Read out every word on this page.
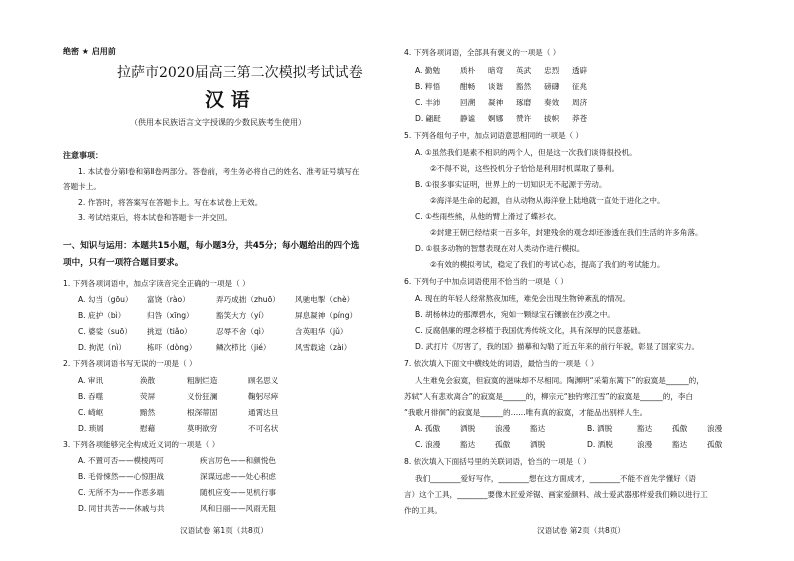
绝密 ★ 启用前
拉萨市2020届高三第二次模拟考试试卷
汉 语
（供用本民族语言文字授课的少数民族考生使用）
注意事项：
1. 本试卷分第Ⅰ卷和第Ⅱ卷两部分。答卷前，考生务必将自己的姓名、准考证号填写在
答题卡上。
2. 作答时，将答案写在答题卡上。写在本试卷上无效。
3. 考试结束后，将本试卷和答题卡一并交回。
一、知识与运用：本题共15小题，每小题3分，共45分；每小题给出的四个选
项中，只有一项符合题目要求。
1. 下列各项词语中，加点字读音完全正确的一项是（ ）
A. 勾当（gōu） 富饶（rào）	弄巧成拙（zhuō） 风驰电掣（chè）
B. 庇护（bì）	归咎（xīng）	豁笑大方（yí）	屏息凝神（píng）
C. 婆娑（suō） 挑逗（tiǎo）	忍辱不舍（qì）	含英咀华（jǔ）
D. 拘泥（nì）	栋吓（dòng）	鳞次栉比（jié）	风雪载途（zài）
2. 下列各项词语书写无误的一项是（ ）
A. 审讯	涣散	粗制烂造	顾名思义
B. 吞噬	荧屏	义份狂澜	鞠躬尽瘁
C. 崎岖	黯然	根深蒂固	通霄达旦
D. 琐屑	慰藉	莫明欲穷	不可名状
3. 下列各项能够完全构成近义词的一项是（ ）
A. 不置可否——模棱两可	疾言厉色——和颜悦色
B. 毛骨悚然——心惊胆战	深谋远虑——处心积虑
C. 无所不为——作恶多端	随机应变——见机行事
D. 同甘共苦——休戚与共	风和日丽——风雨无阻
汉语试卷 第1页（共8页）
4. 下列各项词语，全部具有褒义的一项是（ ）
A. 勤勉	质朴 暗弯 英武 忠烈 透辟
B. 粹悟	酣畅 谈谐 豁然 磅礴 征兆
C. 丰沛	回溯 凝神 琢磨 奏效 周济
D. 翩跹	静谧 婀娜 赞许 拔帜 莽苍
5. 下列各组句子中，加点词语意思相同的一项是（ ）
A. ①虽然我们是素不相识的两个人，但是这一次我们谈得很投机。
②不得不说，这些投机分子恰恰是利用时机谋取了暴利。
B. ①很多事实证明，世界上的一切知识无不起源于劳动。
②海洋是生命的起源，自从动物从海洋登上陆地就一直处于进化之中。
C. ①些雨些熊，从他的臂上滑过了蝶衫衣。
②封建王朝已经结束一百多年，封建残余的观念却还渗透在我们生活的许多角落。
D. ①很多动物的智慧表现在对人类动作进行模拟。
②有效的模拟考试，稳定了我们的考试心态，提高了我们的考试能力。
6. 下列句子中加点词语使用不恰当的一项是（ ）
A. 现在的年轻人经常熬夜加班，难免会出现生物钟紊乱的情况。
B. 胡杨林边的那潭碧水，宛如一颗绿宝石镶嵌在沙漠之中。
C. 反腐倡廉的理念移植于我国优秀传统文化，具有深厚的民意基础。
D. 武打片《厉害了，我的国》描摹和勾勒了近五年来的前行年貌，彰显了国家实力。
7. 依次填入下面文中横线处的词语，最恰当的一项是（ ）
人生难免会寂寞，但寂寞的滋味却不尽相同。陶渊明“采菊东篱下”的寂寞是______的，
苏轼“人有悲欢离合”的寂寞是______的，柳宗元“独钓寒江雪”的寂寞是______的，李白
“我歌月徘徊”的寂寞是______的……唯有真的寂寞，才能品出别样人生。
A. 孤傲	洒脱	浪漫	豁达	B. 洒脱	豁达	孤傲	浪漫
C. 浪漫	豁达	孤傲	洒脱	D. 洒脱	浪漫	豁达	孤傲
8. 依次填入下面括号里的关联词语，恰当的一项是（ ）
我们________爱好写作，________想在这方面成才，________不能不首先学懂好（语
言）这个工具，________要像木匠爱斧锯、画家爱颜料、战士爱武器那样爱我们赖以进行工
作的工具。
汉语试卷 第2页（共8页）
